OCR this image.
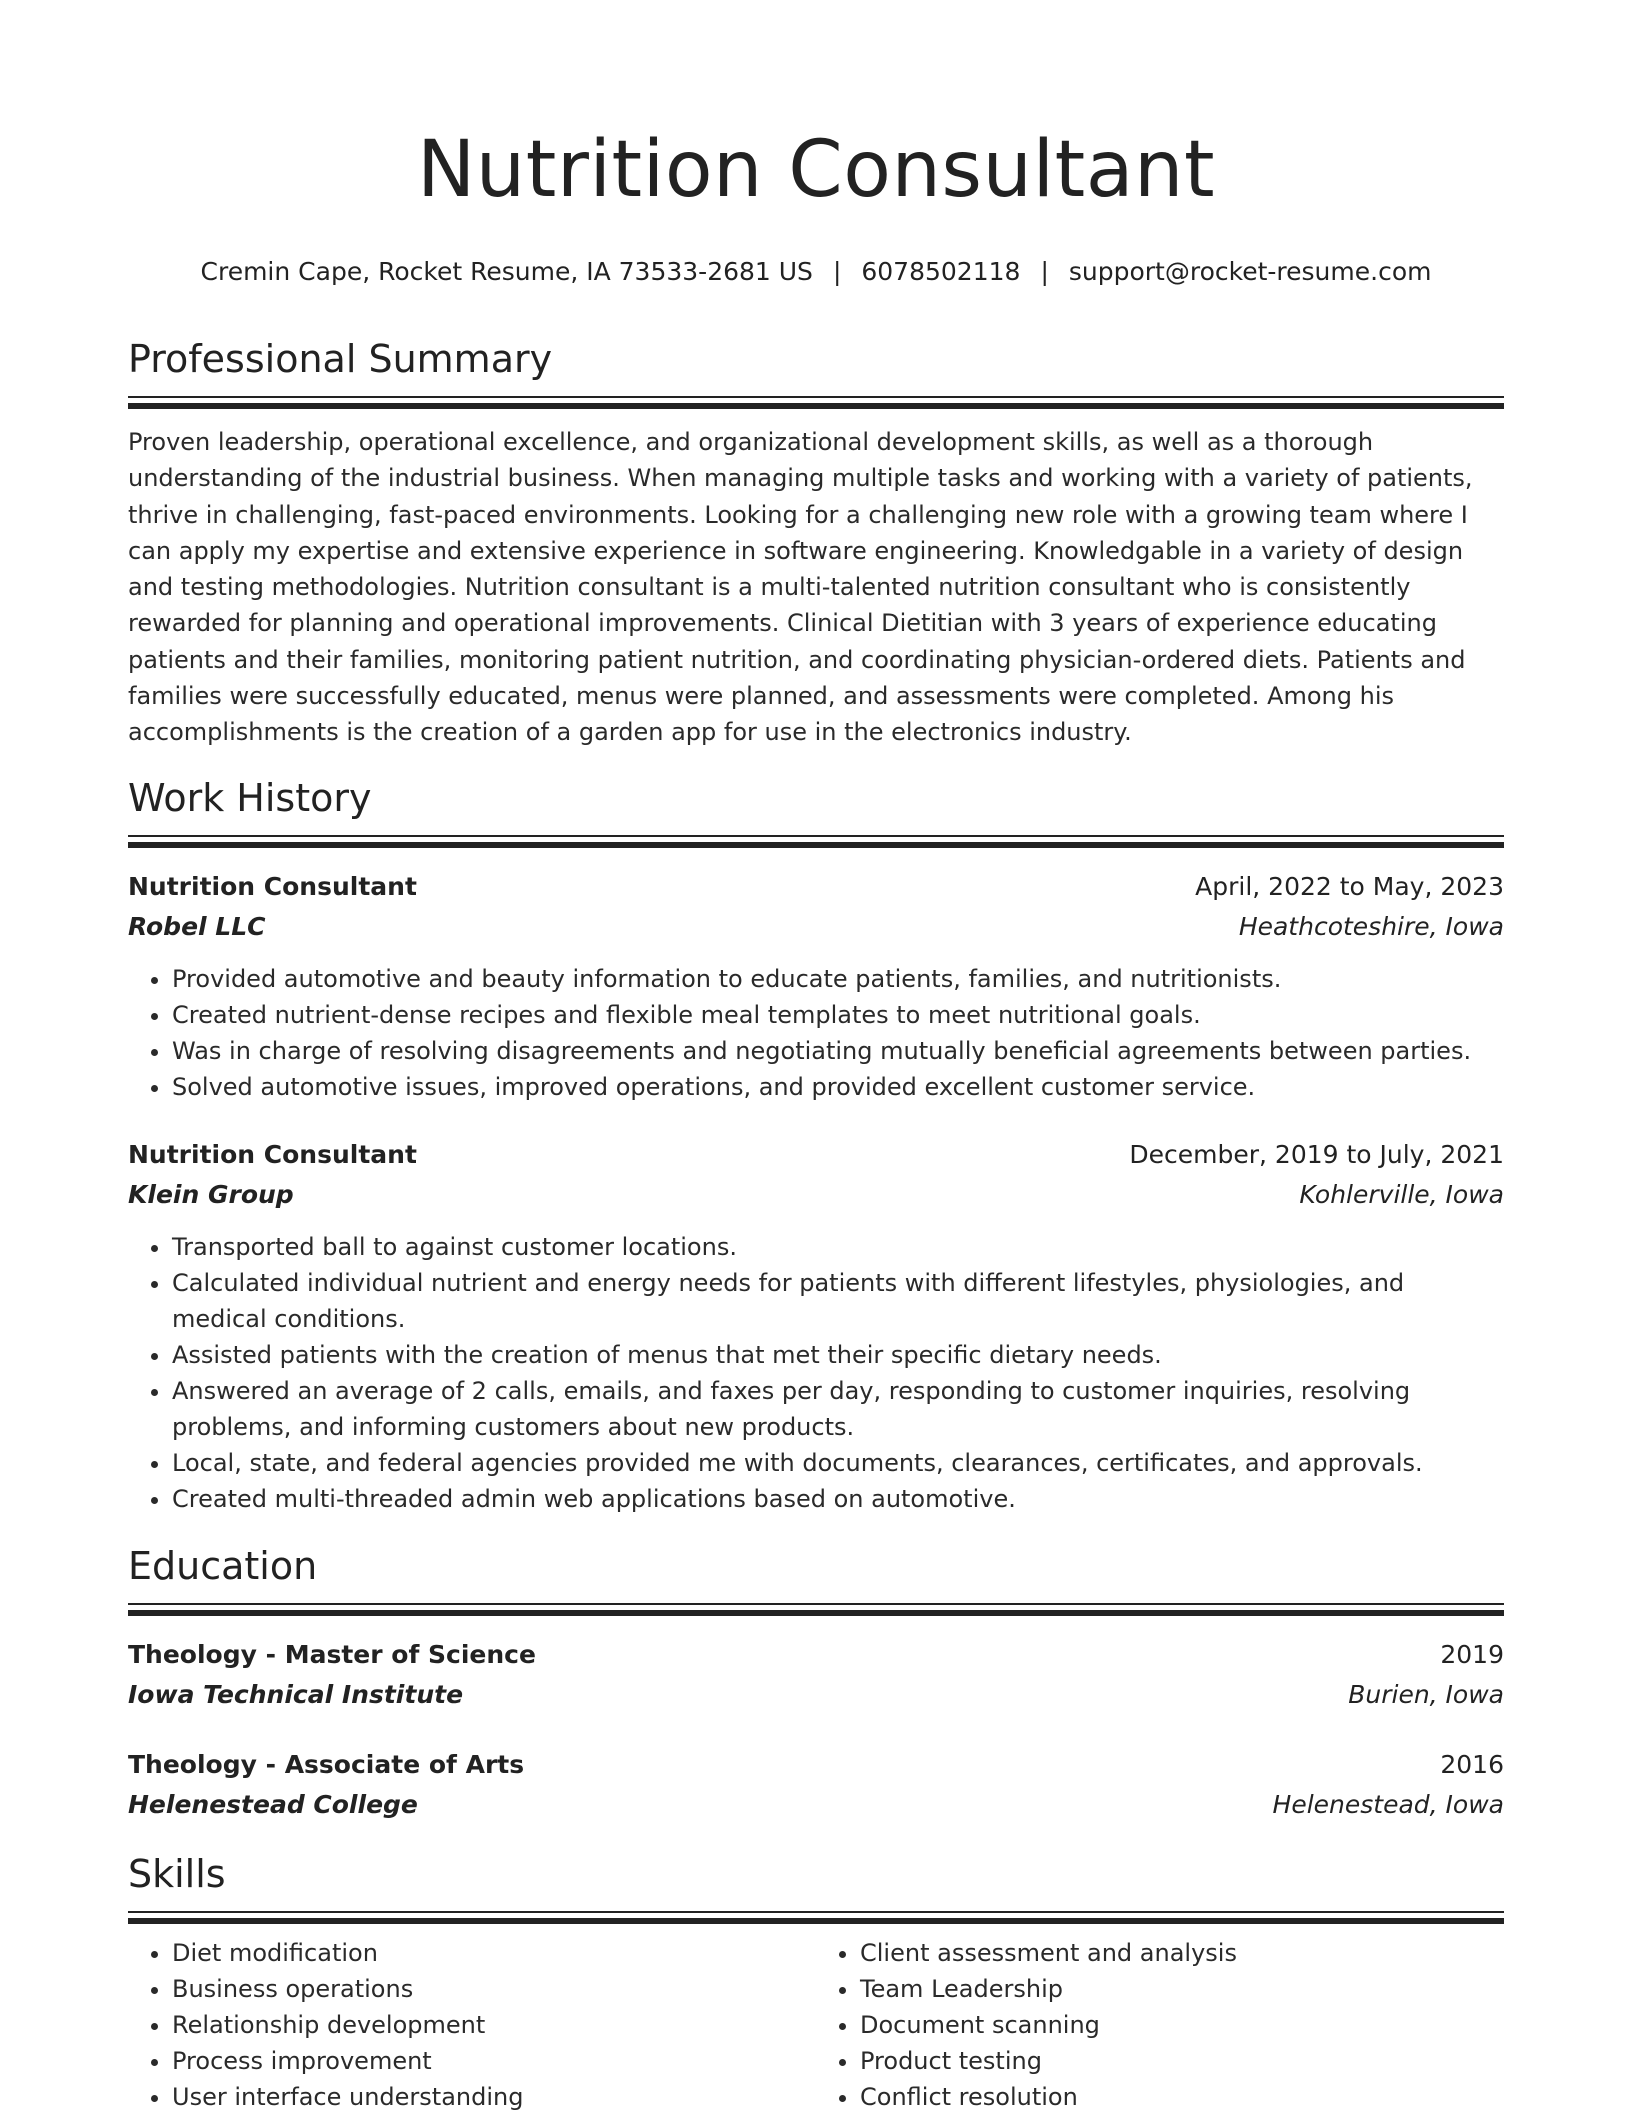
Nutrition Consultant
Cremin Cape, Rocket Resume, IA 73533-2681 US | 6078502118 | support@rocket-resume.com
Professional Summary

Proven leadership, operational excellence, and organizational development skills, as well as a thorough understanding of the industrial business. When managing multiple tasks and working with a variety of patients, thrive in challenging, fast-paced environments. Looking for a challenging new role with a growing team where I can apply my expertise and extensive experience in software engineering. Knowledgable in a variety of design and testing methodologies. Nutrition consultant is a multi-talented nutrition consultant who is consistently rewarded for planning and operational improvements. Clinical Dietitian with 3 years of experience educating patients and their families, monitoring patient nutrition, and coordinating physician-ordered diets. Patients and families were successfully educated, menus were planned, and assessments were completed. Among his accomplishments is the creation of a garden app for use in the electronics industry.

Work History
Nutrition Consultant	April, 2022 to May, 2023
Robel LLC	Heathcoteshire, Iowa
• Provided automotive and beauty information to educate patients, families, and nutritionists.
• Created nutrient-dense recipes and flexible meal templates to meet nutritional goals.
• Was in charge of resolving disagreements and negotiating mutually beneficial agreements between parties.
• Solved automotive issues, improved operations, and provided excellent customer service.
Nutrition Consultant	December, 2019 to July, 2021
Klein Group	Kohlerville, Iowa
• Transported ball to against customer locations.
• Calculated individual nutrient and energy needs for patients with different lifestyles, physiologies, and medical conditions.
• Assisted patients with the creation of menus that met their specific dietary needs.
• Answered an average of 2 calls, emails, and faxes per day, responding to customer inquiries, resolving problems, and informing customers about new products.
• Local, state, and federal agencies provided me with documents, clearances, certificates, and approvals.
• Created multi-threaded admin web applications based on automotive.
Education
Theology - Master of Science	2019
Iowa Technical Institute	Burien, Iowa
Theology - Associate of Arts	2016
Helenestead College	Helenestead, Iowa
Skills
• Diet modification
• Business operations
• Relationship development
• Process improvement
• User interface understanding
• Client assessment and analysis
• Team Leadership
• Document scanning
• Product testing
• Conflict resolution
